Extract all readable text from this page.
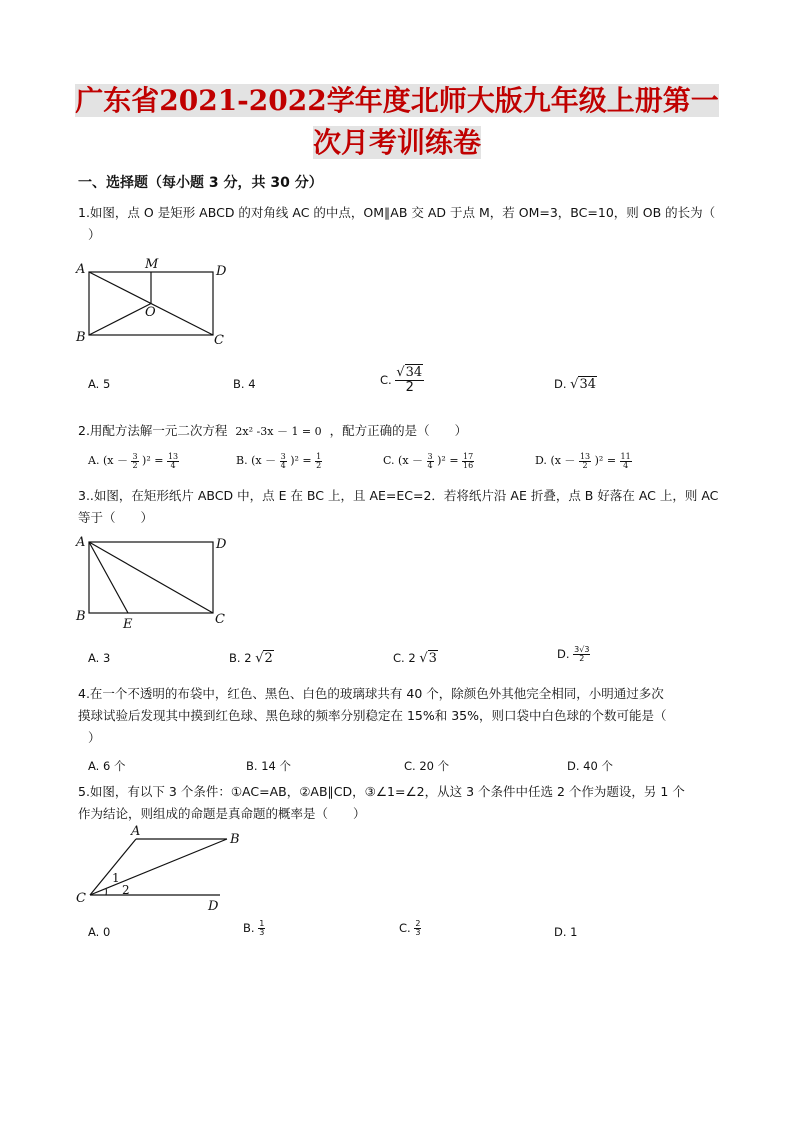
广东省2021-2022学年度北师大版九年级上册第一
次月考训练卷
一、选择题（每小题 3 分，共 30 分）
1.如图，点 O 是矩形 ABCD 的对角线 AC 的中点，OM∥AB 交 AD 于点 M，若 OM=3，BC=10，则 OB 的长为（
）
A	D
B	C
M
O
A. 5	B. 4	C. $\frac{√34}{2}$	D. √34
2.用配方法解一元二次方程 2x² -3x － 1 = 0 ，配方正确的是（　　）
A. $(x - \frac{3}{2} )^2 = \frac{13}{4}$	B. $(x - \frac{3}{4} )^2 = \frac{1}{2}$	C. $(x - \frac{3}{4} )^2 = \frac{17}{16}$	D. $(x - \frac{13}{2} )^2 = \frac{11}{4}$
3..如图，在矩形纸片 ABCD 中，点 E 在 BC 上，且 AE=EC=2．若将纸片沿 AE 折叠，点 B 好落在 AC 上，则 AC
等于（　　）
A	D
B	C
E
A. 3	B. 2 √2	C. 2 √3	D. $\frac{3√3}{2}$
4.在一个不透明的布袋中，红色、黑色、白色的玻璃球共有 40 个，除颜色外其他完全相同，小明通过多次
摸球试验后发现其中摸到红色球、黑色球的频率分别稳定在 15%和 35%，则口袋中白色球的个数可能是（
）
A. 6 个	B. 14 个	C. 20 个	D. 40 个
5.如图，有以下 3 个条件：①AC=AB，②AB∥CD，③∠1=∠2，从这 3 个条件中任选 2 个作为题设，另 1 个
作为结论，则组成的命题是真命题的概率是（　　）
A
B
C
D
1
2
A. 0	B. $\frac{1}{3}$	C. $\frac{2}{3}$	D. 1
